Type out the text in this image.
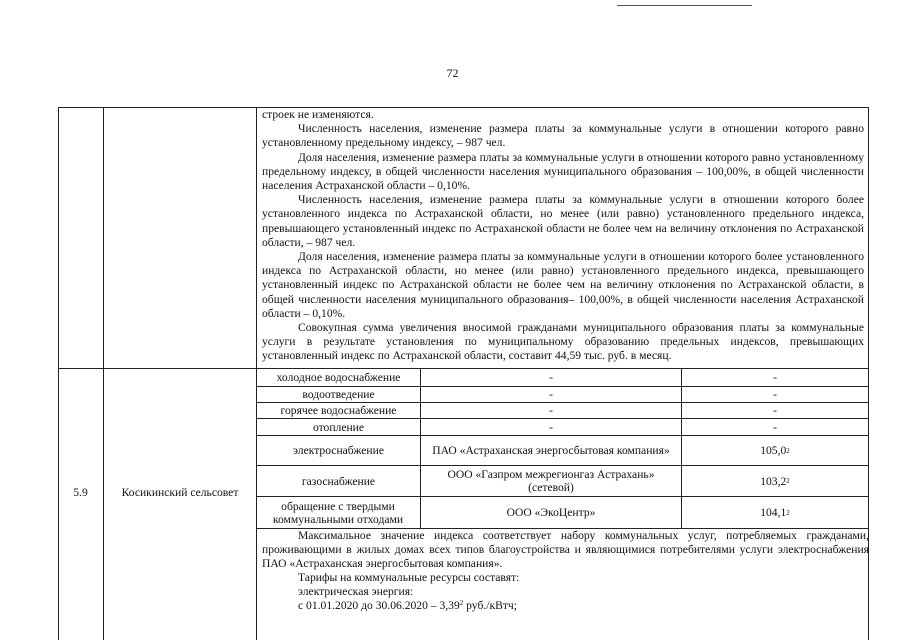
72

строек не изменяются.

Численность населения, изменение размера платы за коммунальные услуги в отношении которого равно установленному предельному индексу, – 987 чел.

Доля населения, изменение размера платы за коммунальные услуги в отношении которого равно установленному предельному индексу, в общей численности населения муниципального образования – 100,00%, в общей численности населения Астраханской области – 0,10%.

Численность населения, изменение размера платы за коммунальные услуги в отношении которого более установленного индекса по Астраханской области, но менее (или равно) установленного предельного индекса, превышающего установленный индекс по Астраханской области не более чем на величину отклонения по Астраханской области, – 987 чел.

Доля населения, изменение размера платы за коммунальные услуги в отношении которого более установленного индекса по Астраханской области, но менее (или равно) установленного предельного индекса, превышающего установленный индекс по Астраханской области не более чем на величину отклонения по Астраханской области, в общей численности населения муниципального образования– 100,00%, в общей численности населения Астраханской области – 0,10%.

Совокупная сумма увеличения вносимой гражданами муниципального образования платы за коммунальные услуги в результате установления по муниципальному образованию предельных индексов, превышающих установленный индекс по Астраханской области, составит 44,59 тыс. руб. в месяц.

5.9	Косикинский сельсовет
холодное водоснабжение	-	-
водоотведение	-	-
горячее водоснабжение	-	-
отопление	-	-
электроснабжение	ПАО «Астраханская энергосбытовая компания»	105,0 2
газоснабжение	ООО «Газпром межрегионгаз Астрахань» (сетевой)	103,2 2
обращение с твердыми коммунальными отходами	ООО «ЭкоЦентр»	104,1 2

Максимальное значение индекса соответствует набору коммунальных услуг, потребляемых гражданами, проживающими в жилых домах всех типов благоустройства и являющимися потребителями услуги электроснабжения ПАО «Астраханская энергосбытовая компания».

Тарифы на коммунальные ресурсы составят:

электрическая энергия:

с 01.01.2020 до 30.06.2020 – 3,39$^2$ руб./кВтч;
